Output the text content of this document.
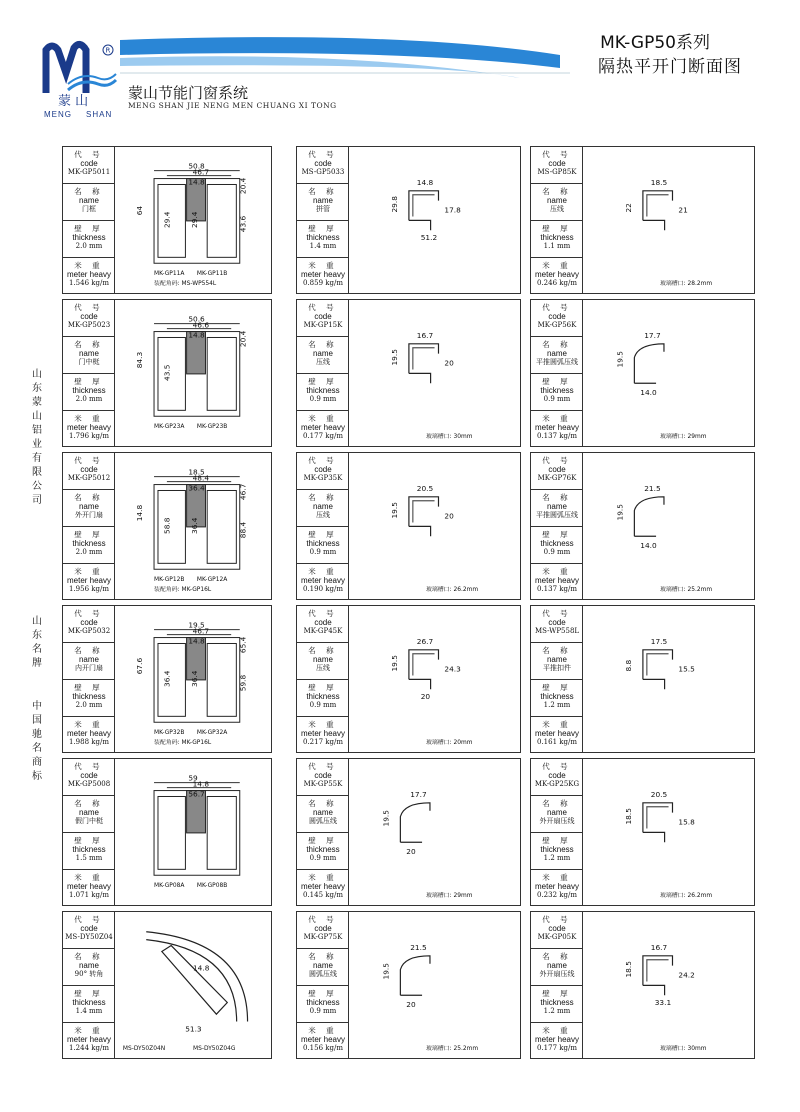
R
蒙 山
MENG SHAN
蒙山节能门窗系统
MENG SHAN JIE NENG MEN CHUANG XI TONG
MK-GP50系列
隔热平开门断面图
山东蒙山铝业有限公司
山东名牌
中国驰名商标
代 号
code
MK-GP5011
名 称
name
门框
壁 厚
thickness
2.0 mm
米 重
meter heavy
1.546 kg/m
50.8
46.7
14.8	20.4
64
29.4 29.4	43.6
MK-GP11A MK-GP11B
装配角码: MS-WP554L
代 号
code
MS-GP5033
名 称
name
拼管
壁 厚
thickness
1.4 mm
米 重
meter heavy
0.859 kg/m
14.8
29.8	17.8
51.2
代 号
code
MS-GP85K
名 称
name
压线
壁 厚
thickness
1.1 mm
米 重
meter heavy
0.246 kg/m
18.5
22	21
玻璃槽口: 28.2mm
代 号
code
MK-GP5023
名 称
name
门中梃
壁 厚
thickness
2.0 mm
米 重
meter heavy
1.796 kg/m
50.6
46.6
14.8	20.4
84.3
43.5
MK-GP23A MK-GP23B
代 号
code
MK-GP15K
名 称
name
压线
壁 厚
thickness
0.9 mm
米 重
meter heavy
0.177 kg/m
16.7
19.5	20
玻璃槽口: 30mm
代 号
code
MK-GP56K
名 称
name
平推圆弧压线
壁 厚
thickness
0.9 mm
米 重
meter heavy
0.137 kg/m
17.7
19.5
14.0
玻璃槽口: 29mm
代 号
code
MK-GP5012
名 称
name
外开门扇
壁 厚
thickness
2.0 mm
米 重
meter heavy
1.956 kg/m
18.5
48.4
36.4	46.7
14.8
58.8 36.4	88.4
MK-GP12B MK-GP12A
装配角码: MK-GP16L
代 号
code
MK-GP35K
名 称
name
压线
壁 厚
thickness
0.9 mm
米 重
meter heavy
0.190 kg/m
20.5
19.5	20
玻璃槽口: 26.2mm
代 号
code
MK-GP76K
名 称
name
平推圆弧压线
壁 厚
thickness
0.9 mm
米 重
meter heavy
0.137 kg/m
21.5
19.5
14.0
玻璃槽口: 25.2mm
代 号
code
MK-GP5032
名 称
name
内开门扇
壁 厚
thickness
2.0 mm
米 重
meter heavy
1.988 kg/m
19.5
46.7
14.8	65.4
67.6
36.4 36.4	59.8
MK-GP32B MK-GP32A
装配角码: MK-GP16L
代 号
code
MK-GP45K
名 称
name
压线
壁 厚
thickness
0.9 mm
米 重
meter heavy
0.217 kg/m
26.7
19.5	24.3
20
玻璃槽口: 20mm
代 号
code
MS-WP558L
名 称
name
平推扣件
壁 厚
thickness
1.2 mm
米 重
meter heavy
0.161 kg/m
17.5
8.8	15.5
代 号
code
MK-GP5008
名 称
name
假门中梃
壁 厚
thickness
1.5 mm
米 重
meter heavy
1.071 kg/m
59
14.8
56.7
MK-GP08A MK-GP08B
代 号
code
MK-GP55K
名 称
name
圆弧压线
壁 厚
thickness
0.9 mm
米 重
meter heavy
0.145 kg/m
17.7
19.5
20
玻璃槽口: 29mm
代 号
code
MK-GP25KG
名 称
name
外开扇压线
壁 厚
thickness
1.2 mm
米 重
meter heavy
0.232 kg/m
20.5
18.5	15.8
玻璃槽口: 26.2mm
代 号
code
MS-DY50Z04
名 称
name
90° 转角
壁 厚
thickness
1.4 mm
米 重
meter heavy
1.244 kg/m
51.3
14.8
MS-DY50Z04N	MS-DY50Z04G
代 号
code
MK-GP75K
名 称
name
圆弧压线
壁 厚
thickness
0.9 mm
米 重
meter heavy
0.156 kg/m
21.5
19.5
20
玻璃槽口: 25.2mm
代 号
code
MK-GP05K
名 称
name
外开扇压线
壁 厚
thickness
1.2 mm
米 重
meter heavy
0.177 kg/m
16.7
18.5	24.2
33.1
玻璃槽口: 30mm
